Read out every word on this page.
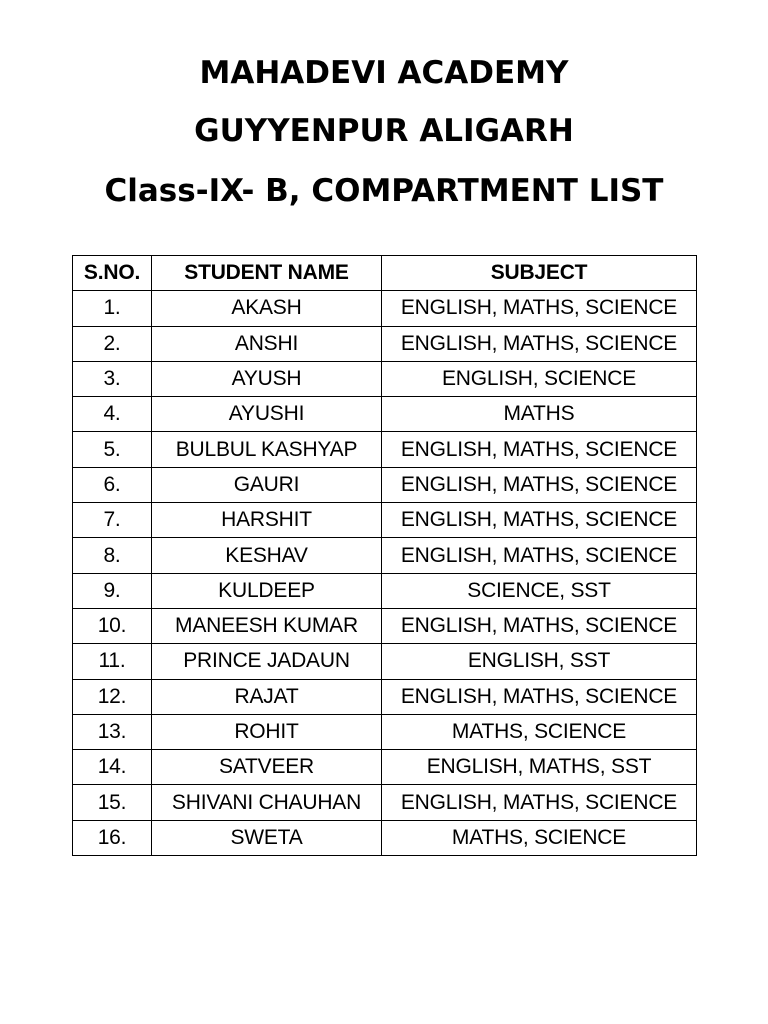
MAHADEVI ACADEMY
GUYYENPUR ALIGARH
Class-IX- B, COMPARTMENT LIST
S.NO.	STUDENT NAME	SUBJECT
1.	AKASH	ENGLISH, MATHS, SCIENCE
2.	ANSHI	ENGLISH, MATHS, SCIENCE
3.	AYUSH	ENGLISH, SCIENCE
4.	AYUSHI	MATHS
5.	BULBUL KASHYAP	ENGLISH, MATHS, SCIENCE
6.	GAURI	ENGLISH, MATHS, SCIENCE
7.	HARSHIT	ENGLISH, MATHS, SCIENCE
8.	KESHAV	ENGLISH, MATHS, SCIENCE
9.	KULDEEP	SCIENCE, SST
10.	MANEESH KUMAR	ENGLISH, MATHS, SCIENCE
11.	PRINCE JADAUN	ENGLISH, SST
12.	RAJAT	ENGLISH, MATHS, SCIENCE
13.	ROHIT	MATHS, SCIENCE
14.	SATVEER	ENGLISH, MATHS, SST
15.	SHIVANI CHAUHAN	ENGLISH, MATHS, SCIENCE
16.	SWETA	MATHS, SCIENCE
